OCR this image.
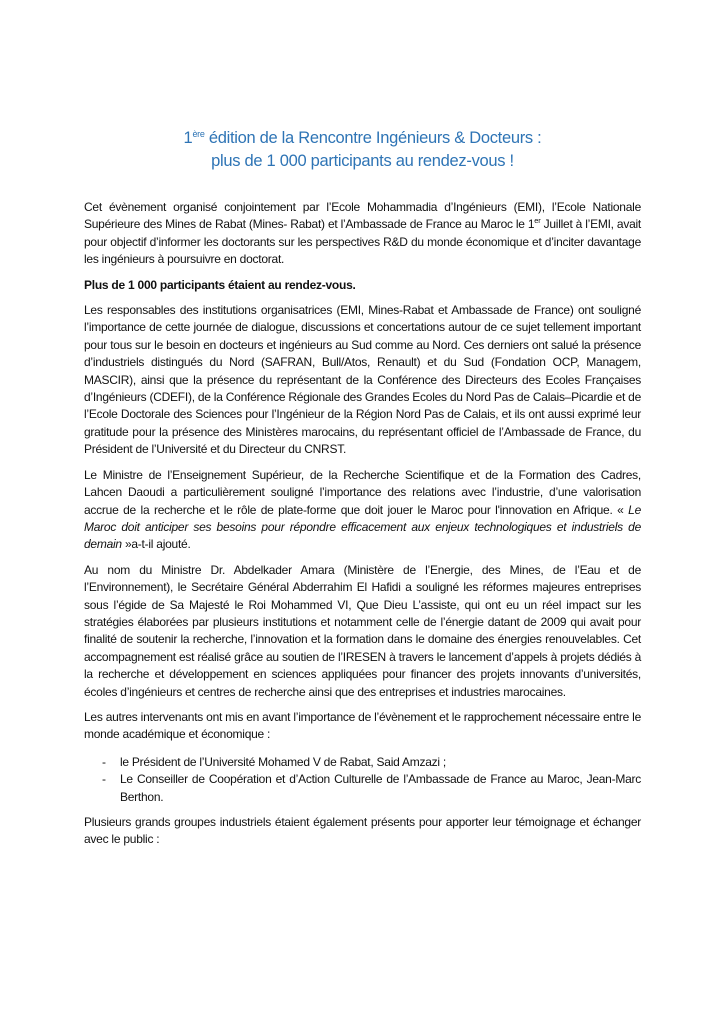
1ère édition de la Rencontre Ingénieurs & Docteurs :
plus de 1 000 participants au rendez-vous !

Cet évènement organisé conjointement par l’Ecole Mohammadia d’Ingénieurs (EMI), l’Ecole Nationale Supérieure des Mines de Rabat (Mines- Rabat) et l’Ambassade de France au Maroc le 1er Juillet à l’EMI, avait pour objectif d’informer les doctorants sur les perspectives R&D du monde économique et d’inciter davantage les ingénieurs à poursuivre en doctorat.

Plus de 1 000 participants étaient au rendez-vous.

Les responsables des institutions organisatrices (EMI, Mines-Rabat et Ambassade de France) ont souligné l’importance de cette journée de dialogue, discussions et concertations autour de ce sujet tellement important pour tous sur le besoin en docteurs et ingénieurs au Sud comme au Nord. Ces derniers ont salué la présence d’industriels distingués du Nord (SAFRAN, Bull/Atos, Renault) et du Sud (Fondation OCP, Managem, MASCIR), ainsi que la présence du représentant de la Conférence des Directeurs des Ecoles Françaises d’Ingénieurs (CDEFI), de la Conférence Régionale des Grandes Ecoles du Nord Pas de Calais–Picardie et de l’Ecole Doctorale des Sciences pour l’Ingénieur de la Région Nord Pas de Calais, et ils ont aussi exprimé leur gratitude pour la présence des Ministères marocains, du représentant officiel de l’Ambassade de France, du Président de l’Université et du Directeur du CNRST.

Le Ministre de l’Enseignement Supérieur, de la Recherche Scientifique et de la Formation des Cadres, Lahcen Daoudi a particulièrement souligné l’importance des relations avec l’industrie, d’une valorisation accrue de la recherche et le rôle de plate-forme que doit jouer le Maroc pour l'innovation en Afrique. « Le Maroc doit anticiper ses besoins pour répondre efficacement aux enjeux technologiques et industriels de demain »a-t-il ajouté.

Au nom du Ministre Dr. Abdelkader Amara (Ministère de l’Energie, des Mines, de l’Eau et de l’Environnement), le Secrétaire Général Abderrahim El Hafidi a souligné les réformes majeures entreprises sous l’égide de Sa Majesté le Roi Mohammed VI, Que Dieu L’assiste, qui ont eu un réel impact sur les stratégies élaborées par plusieurs institutions et notamment celle de l’énergie datant de 2009 qui avait pour finalité de soutenir la recherche, l’innovation et la formation dans le domaine des énergies renouvelables. Cet accompagnement est réalisé grâce au soutien de l’IRESEN à travers le lancement d’appels à projets dédiés à la recherche et développement en sciences appliquées pour financer des projets innovants d’universités, écoles d’ingénieurs et centres de recherche ainsi que des entreprises et industries marocaines.

Les autres intervenants ont mis en avant l’importance de l’évènement et le rapprochement nécessaire entre le monde académique et économique :

- le Président de l’Université Mohamed V de Rabat, Said Amzazi ;
- Le Conseiller de Coopération et d’Action Culturelle de l’Ambassade de France au Maroc, Jean-Marc Berthon.

Plusieurs grands groupes industriels étaient également présents pour apporter leur témoignage et échanger avec le public :
